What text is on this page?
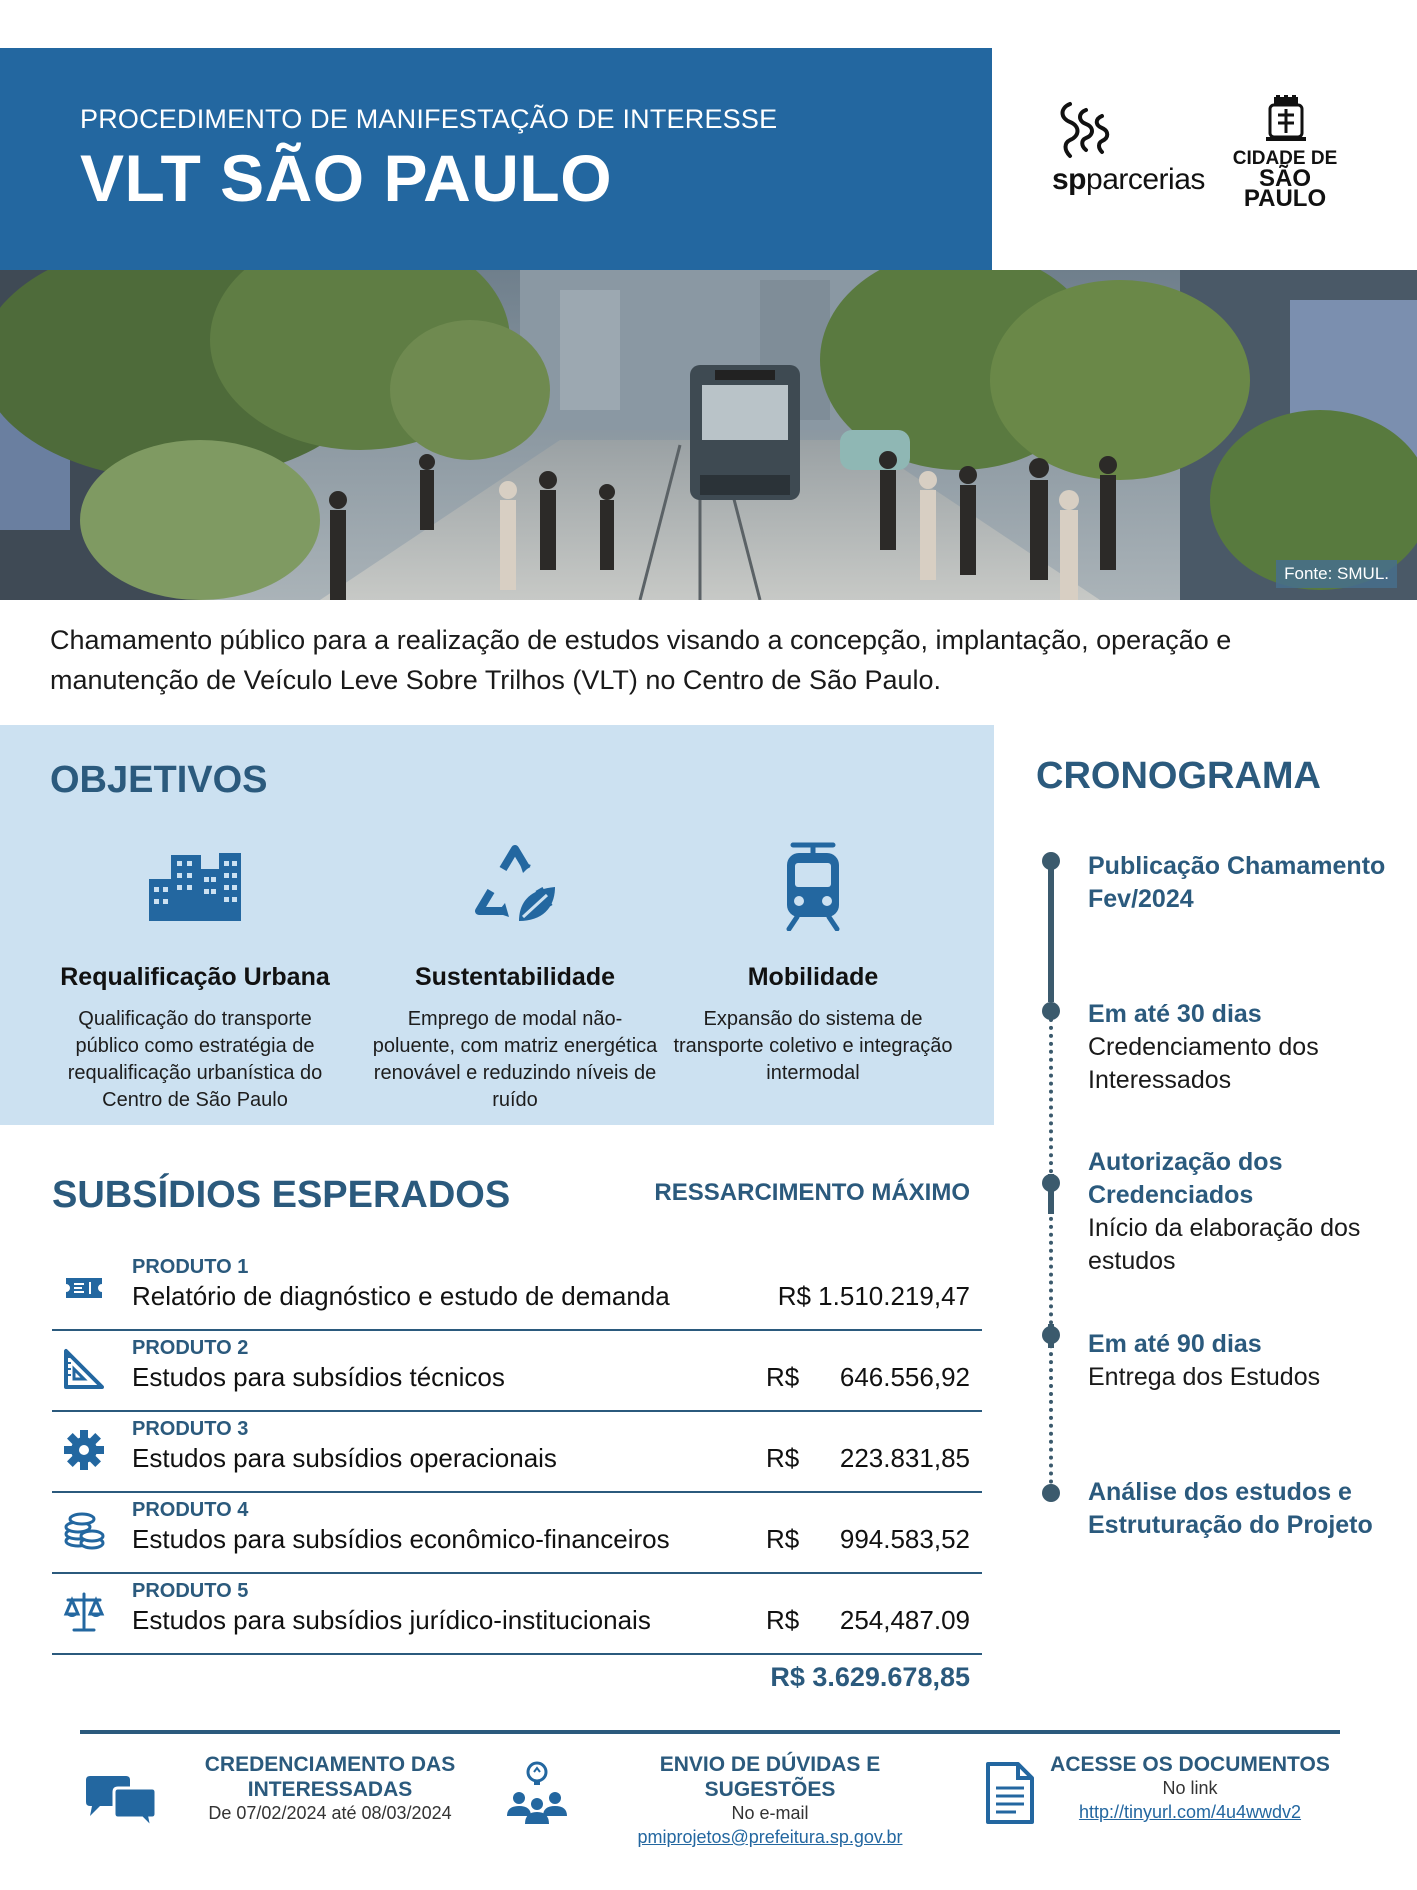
PROCEDIMENTO DE MANIFESTAÇÃO DE INTERESSE
VLT SÃO PAULO	spparcerias
CIDADE DE
SÃO PAULO
Fonte: SMUL.
Chamamento público para a realização de estudos visando a concepção, implantação, operação e manutenção de Veículo Leve Sobre Trilhos (VLT) no Centro de São Paulo.
OBJETIVOS
Requalificação Urbana
Qualificação do transporte público como estratégia de requalificação urbanística do Centro de São Paulo
Sustentabilidade
Emprego de modal não-poluente, com matriz energética renovável e reduzindo níveis de ruído
Mobilidade
Expansão do sistema de transporte coletivo e integração intermodal
CRONOGRAMA
Publicação Chamamento Fev/2024
Em até 30 dias
Credenciamento dos Interessados
Autorização dos Credenciados
Início da elaboração dos estudos
Em até 90 dias
Entrega dos Estudos
Análise dos estudos e Estruturação do Projeto
SUBSÍDIOS ESPERADOS	RESSARCIMENTO MÁXIMO
PRODUTO 1
Relatório de diagnóstico e estudo de demanda	R$ 1.510.219,47
PRODUTO 2
Estudos para subsídios técnicos	R$ 646.556,92
PRODUTO 3
Estudos para subsídios operacionais	R$ 223.831,85
PRODUTO 4
Estudos para subsídios econômico-financeiros	R$ 994.583,52
PRODUTO 5
Estudos para subsídios jurídico-institucionais	R$ 254,487.09
R$ 3.629.678,85
CREDENCIAMENTO DAS INTERESSADAS
De 07/02/2024 até 08/03/2024
ENVIO DE DÚVIDAS E SUGESTÕES
No e-mail
pmiprojetos@prefeitura.sp.gov.br
ACESSE OS DOCUMENTOS
No link
http://tinyurl.com/4u4wwdv2
